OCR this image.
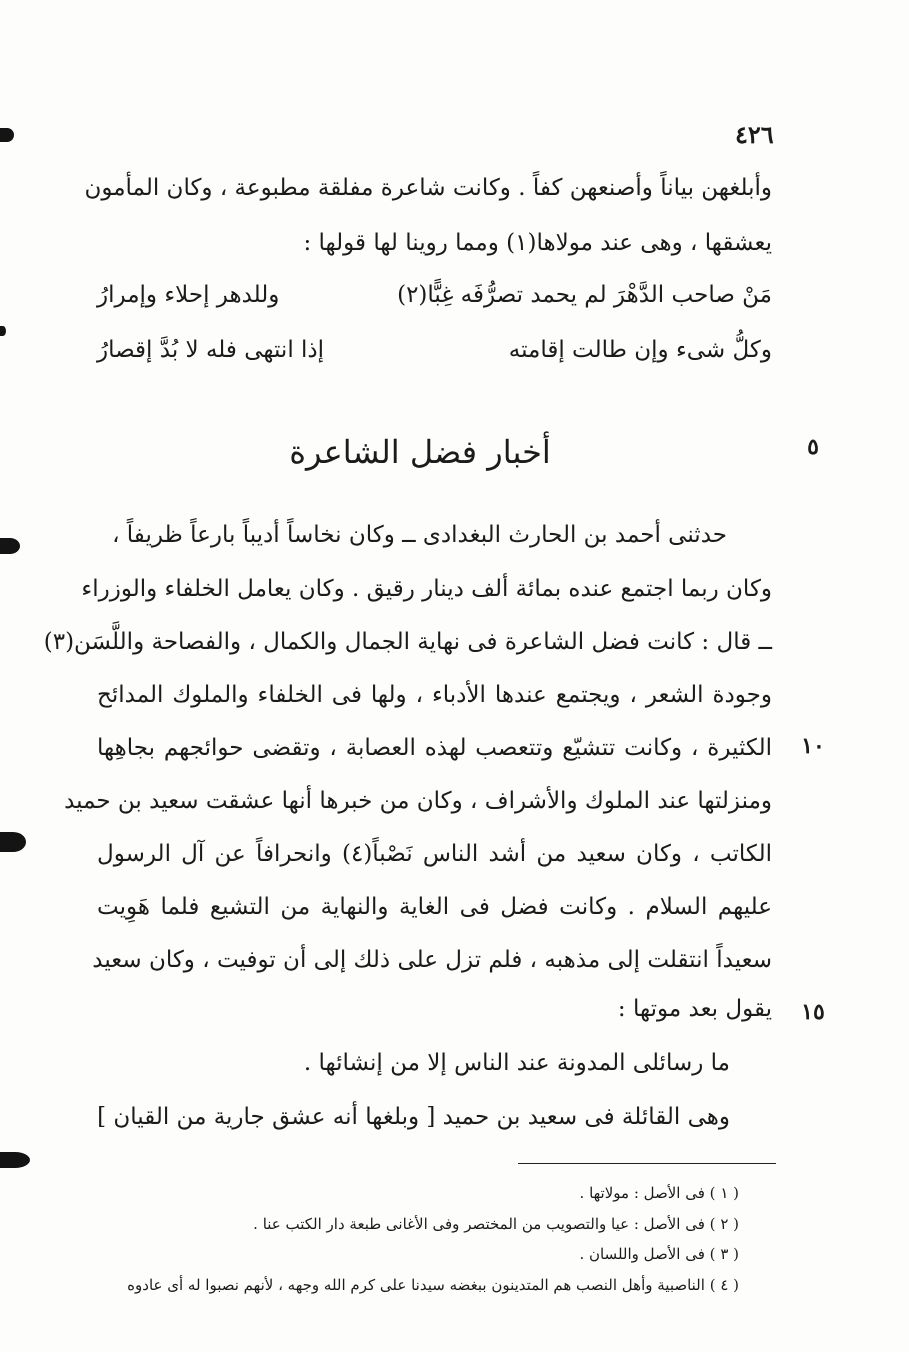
٤٢٦
وأبلغهن بياناً وأصنعهن كفاً . وكانت شاعرة مفلقة مطبوعة ، وكان المأمون
يعشقها ، وهى عند مولاها(١) ومما روينا لها قولها :
مَنْ صاحب الدَّهْرَ لم يحمد تصرُّفَه غِبًّا(٢)
وللدهر إحلاء وإمرارُ
وكلُّ شىء وإن طالت إقامته
إذا انتهى فله لا بُدَّ إقصارُ
٥
أخبار فضل الشاعرة
حدثنى أحمد بن الحارث البغدادى ــ وكان نخاساً أديباً بارعاً ظريفاً ،
وكان ربما اجتمع عنده بمائة ألف دينار رقيق . وكان يعامل الخلفاء والوزراء
ــ قال : كانت فضل الشاعرة فى نهاية الجمال والكمال ، والفصاحة واللَّسَن(٣)
وجودة الشعر ، ويجتمع عندها الأدباء ، ولها فى الخلفاء والملوك المدائح
١٠
الكثيرة ، وكانت تتشيّع وتتعصب لهذه العصابة ، وتقضى حوائجهم بجاهِها
ومنزلتها عند الملوك والأشراف ، وكان من خبرها أنها عشقت سعيد بن حميد
الكاتب ، وكان سعيد من أشد الناس نَصْباً(٤) وانحرافاً عن آل الرسول
عليهم السلام . وكانت فضل فى الغاية والنهاية من التشيع فلما هَوِيت
سعيداً انتقلت إلى مذهبه ، فلم تزل على ذلك إلى أن توفيت ، وكان سعيد
١٥
يقول بعد موتها :
ما رسائلى المدونة عند الناس إلا من إنشائها .
وهى القائلة فى سعيد بن حميد [ وبلغها أنه عشق جارية من القيان ]
( ١ ) فى الأصل : مولاتها .
( ٢ ) فى الأصل : عيا والتصويب من المختصر وفى الأغانى طبعة دار الكتب عنا .
( ٣ ) فى الأصل واللسان .
( ٤ ) الناصبية وأهل النصب هم المتدينون ببغضه سيدنا على كرم الله وجهه ، لأنهم نصبوا له أى عادوه
